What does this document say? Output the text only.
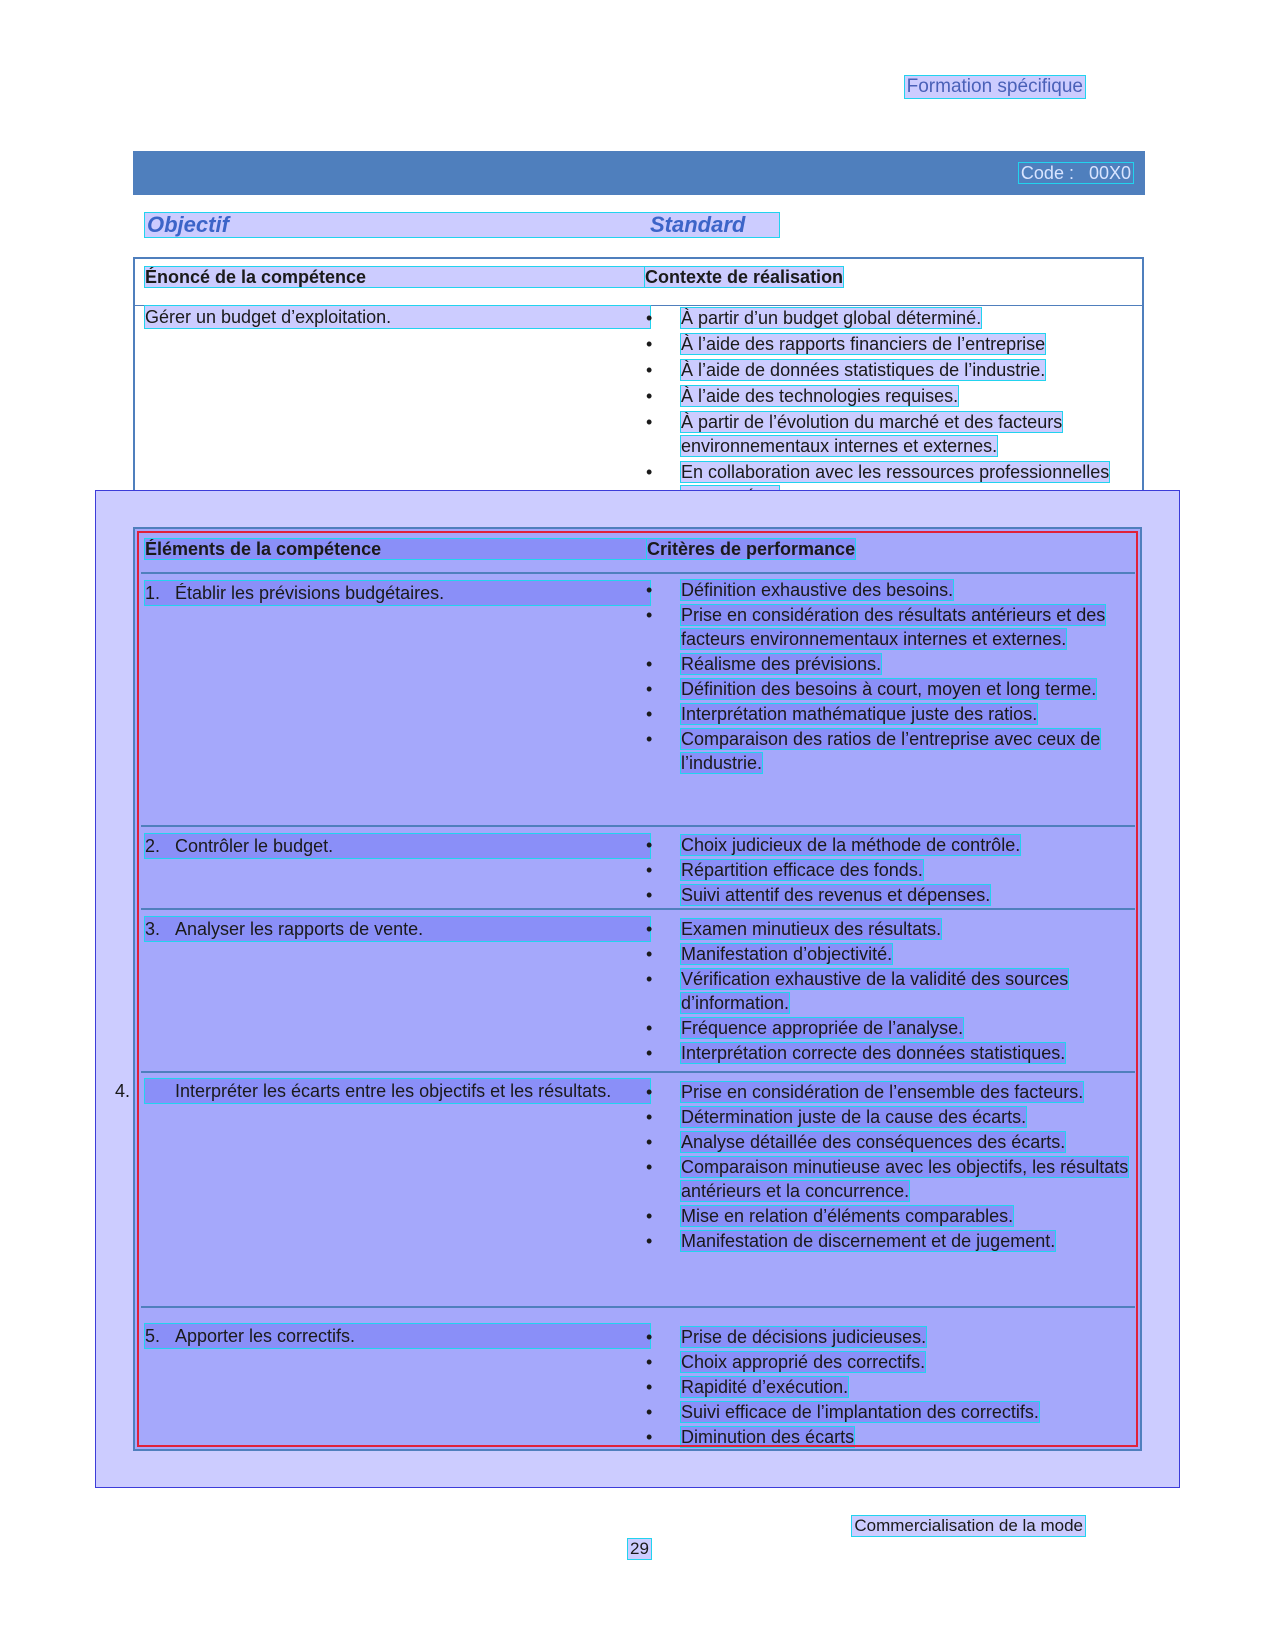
Formation spécifique
Code :   00X0
Objectif	Standard
Énoncé de la compétence	Contexte de réalisation
Gérer un budget d’exploitation.	•	À partir d’un budget global déterminé.
•	À l’aide des rapports financiers de l’entreprise
•	À l’aide de données statistiques de l’industrie.
•	À l’aide des technologies requises.
•	À partir de l’évolution du marché et des facteurs environnementaux internes et externes.
•	En collaboration avec les ressources professionnelles
Éléments de la compétence	Critères de performance
1. Établir les prévisions budgétaires.	•	Définition exhaustive des besoins.
•	Prise en considération des résultats antérieurs et des facteurs environnementaux internes et externes.
•	Réalisme des prévisions.
•	Définition des besoins à court, moyen et long terme.
•	Interprétation mathématique juste des ratios.
•	Comparaison des ratios de l’entreprise avec ceux de l’industrie.
2. Contrôler le budget.	•	Choix judicieux de la méthode de contrôle.
•	Répartition efficace des fonds.
•	Suivi attentif des revenus et dépenses.
3. Analyser les rapports de vente.	•	Examen minutieux des résultats.
•	Manifestation d’objectivité.
•	Vérification exhaustive de la validité des sources d’information.
•	Fréquence appropriée de l’analyse.
•	Interprétation correcte des données statistiques.
4. Interpréter les écarts entre les objectifs et les résultats.	•	Prise en considération de l’ensemble des facteurs.
•	Détermination juste de la cause des écarts.
•	Analyse détaillée des conséquences des écarts.
•	Comparaison minutieuse avec les objectifs, les résultats antérieurs et la concurrence.
•	Mise en relation d’éléments comparables.
•	Manifestation de discernement et de jugement.
5. Apporter les correctifs.	•	Prise de décisions judicieuses.
•	Choix approprié des correctifs.
•	Rapidité d’exécution.
•	Suivi efficace de l’implantation des correctifs.
•	Diminution des écarts
Commercialisation de la mode
29
